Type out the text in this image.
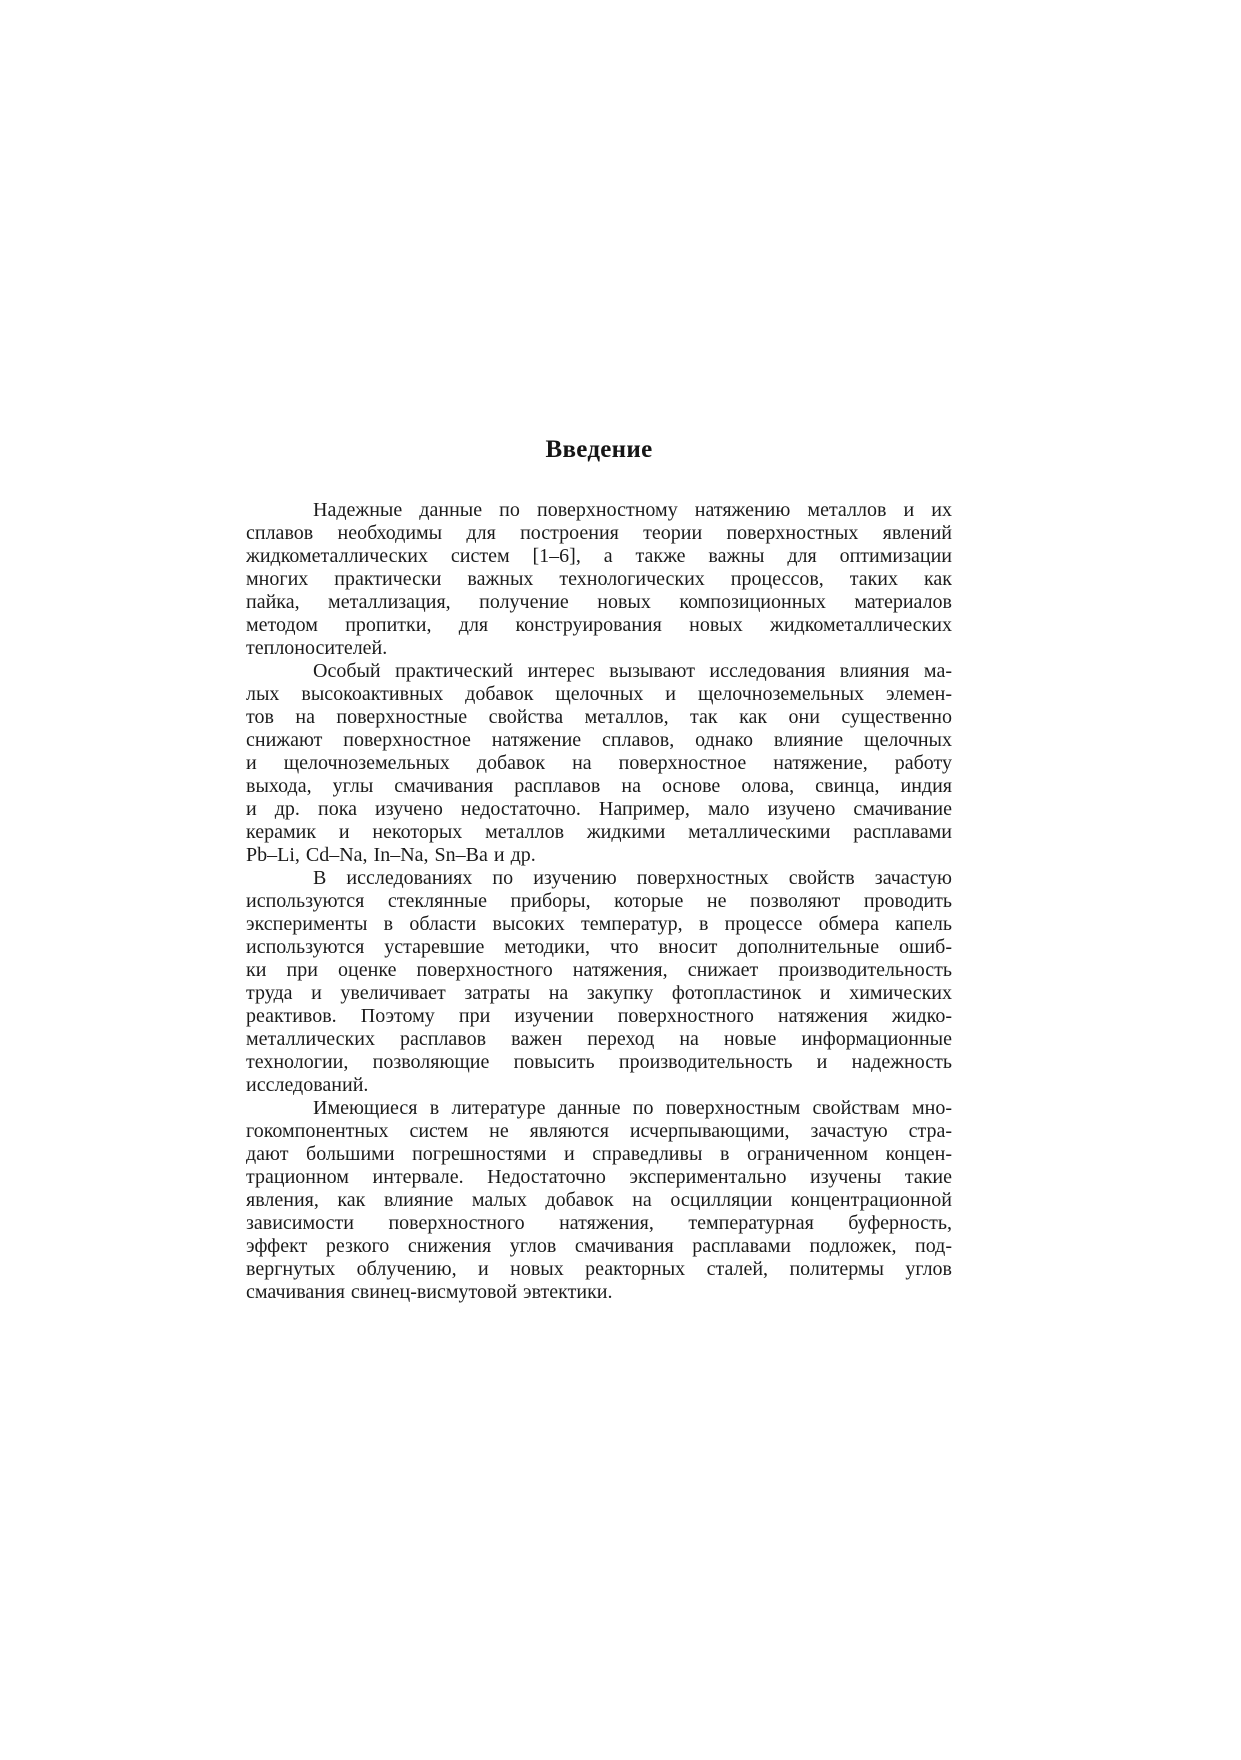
Введение

Надежные данные по поверхностному натяжению металлов и их

сплавов необходимы для построения теории поверхностных явлений

жидкометаллических систем [1–6], а также важны для оптимизации

многих практически важных технологических процессов, таких как

пайка, металлизация, получение новых композиционных материалов

методом пропитки, для конструирования новых жидкометаллических

теплоносителей.

Особый практический интерес вызывают исследования влияния ма-

лых высокоактивных добавок щелочных и щелочноземельных элемен-

тов на поверхностные свойства металлов, так как они существенно

снижают поверхностное натяжение сплавов, однако влияние щелочных

и щелочноземельных добавок на поверхностное натяжение, работу

выхода, углы смачивания расплавов на основе олова, свинца, индия

и др. пока изучено недостаточно. Например, мало изучено смачивание

керамик и некоторых металлов жидкими металлическими расплавами

Pb–Li, Cd–Na, In–Na, Sn–Ba и др.

В исследованиях по изучению поверхностных свойств зачастую

используются стеклянные приборы, которые не позволяют проводить

эксперименты в области высоких температур, в процессе обмера капель

используются устаревшие методики, что вносит дополнительные ошиб-

ки при оценке поверхностного натяжения, снижает производительность

труда и увеличивает затраты на закупку фотопластинок и химических

реактивов. Поэтому при изучении поверхностного натяжения жидко-

металлических расплавов важен переход на новые информационные

технологии, позволяющие повысить производительность и надежность

исследований.

Имеющиеся в литературе данные по поверхностным свойствам мно-

гокомпонентных систем не являются исчерпывающими, зачастую стра-

дают большими погрешностями и справедливы в ограниченном концен-

трационном интервале. Недостаточно экспериментально изучены такие

явления, как влияние малых добавок на осцилляции концентрационной

зависимости поверхностного натяжения, температурная буферность,

эффект резкого снижения углов смачивания расплавами подложек, под-

вергнутых облучению, и новых реакторных сталей, политермы углов

смачивания свинец-висмутовой эвтектики.
